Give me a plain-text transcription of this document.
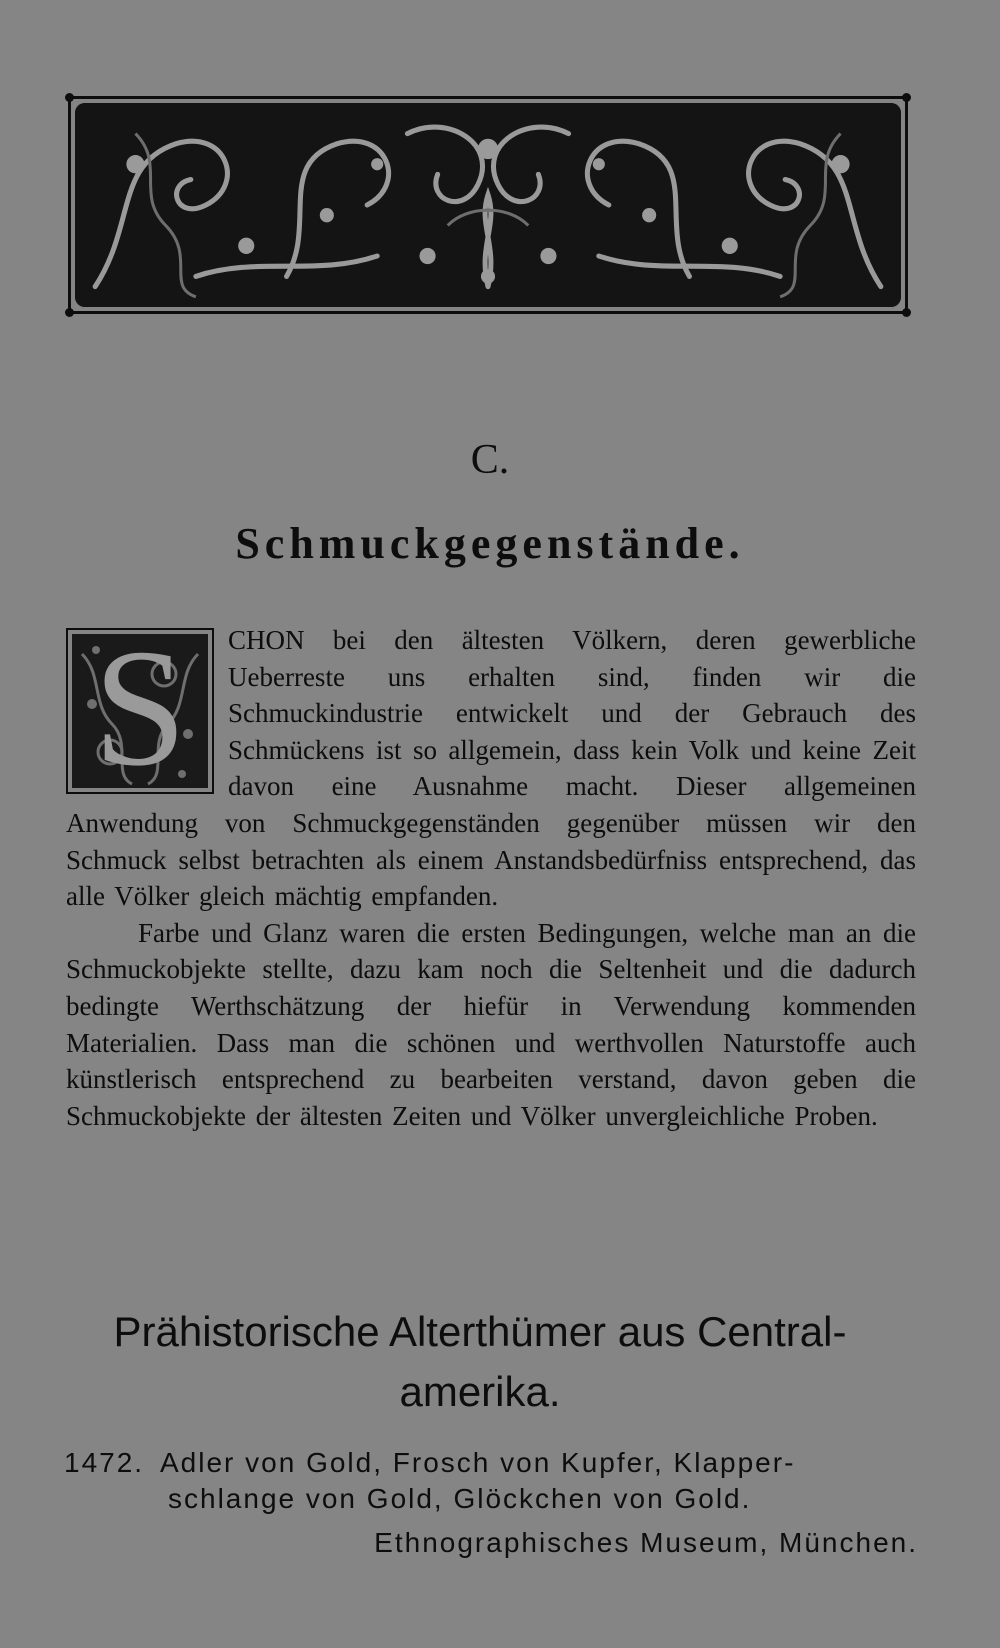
C.
Schmuckgegenstände.
S	CHON bei den ältesten Völkern, deren gewerbliche Ueberreste uns erhalten sind, finden wir die Schmuckindustrie entwickelt und der Gebrauch des Schmückens ist so allgemein, dass kein Volk und keine Zeit davon eine Ausnahme macht. Dieser allgemeinen Anwendung von Schmuckgegenständen gegenüber müssen wir den Schmuck selbst betrachten als einem Anstandsbedürfniss entsprechend, das alle Völker gleich mächtig empfanden.

Farbe und Glanz waren die ersten Bedingungen, welche man an die Schmuckobjekte stellte, dazu kam noch die Seltenheit und die dadurch bedingte Werthschätzung der hiefür in Verwendung kommenden Materialien. Dass man die schönen und werthvollen Naturstoffe auch künstlerisch entsprechend zu bearbeiten verstand, davon geben die Schmuckobjekte der ältesten Zeiten und Völker unvergleichliche Proben.

Prähistorische Alterthümer aus Central-
amerika.
1472. Adler von Gold, Frosch von Kupfer, Klapper-
schlange von Gold, Glöckchen von Gold.
Ethnographisches Museum, München.
